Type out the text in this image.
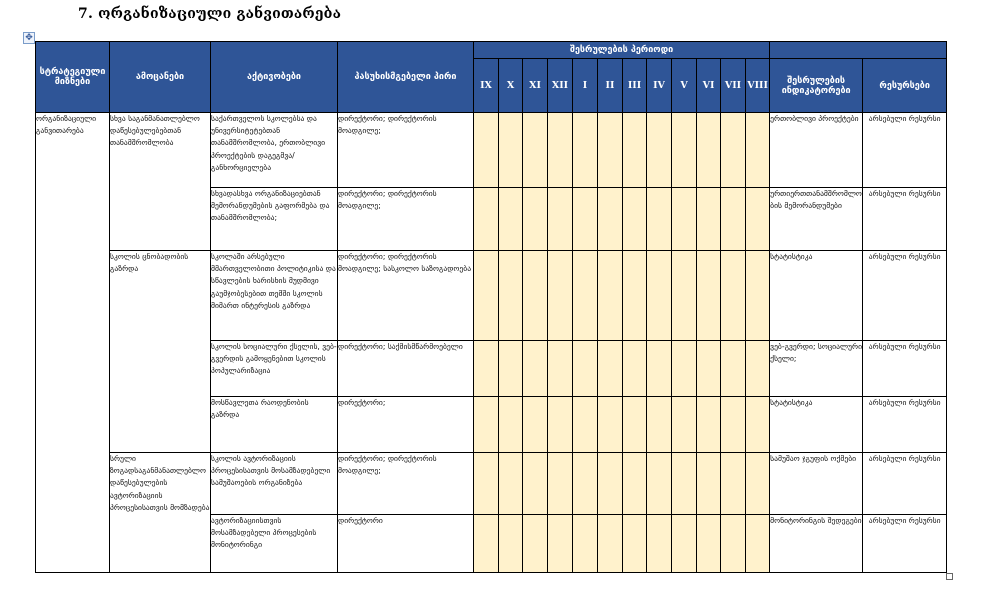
7. ორგანიზაციული განვითარება
✥
სტრატეგიული მიზნები	ამოცანები	აქტივობები	პასუხისმგებელი პირი	შესრულების პერიოდი													
				IX	X	XI	XII	I	II	III	IV	V	VI	VII	VIII	შესრულების ინდიკატორები	რესურსები
ორგანიზაციული განვითარება	სხვა საგანმანათლებლო დაწესებულებებთან თანამშრომლობა	საქართველოს სკოლებსა და უნივერსიტეტებთან თანამშრომლობა, ერთობლივი პროექტების დაგეგმვა/ განხორციელება	დირექტორი; დირექტორის მოადგილე;													ერთობლივი პროექტები	არსებული რესურსი
		სხვადასხვა ორგანიზაციებთან მემორანდუმების გაფორმება და თანამშრომლობა;	დირექტორი; დირექტორის მოადგილე;													ურთიერთთანამშრომლობის მემორანდუმები	არსებული რესურსი
	სკოლის ცნობადობის გაზრდა	სკოლაში არსებული მმართველობითი პოლიტიკისა და სწავლების ხარისხის მუდმივი გაუმჯობესებით თემში სკოლის მიმართ ინტერესის გაზრდა	დირექტორი; დირექტორის მოადგილე; სასკოლო საზოგადოება													სტატისტიკა	არსებული რესურსი
		სკოლის სოციალური ქსელის, ვებ-გვერდის გამოყენებით სკოლის პოპულარიზაცია	დირექტორი; საქმისმწარმოებელი													ვებ-გვერდი; სოციალური ქსელი;	არსებული რესურსი
		მოსწავლეთა რაოდენობის გაზრდა	დირექტორი;													სტატისტიკა	არსებული რესურსი
	სრული ზოგადსაგანმანათლებლო დაწესებულების ავტორიზაციის პროცესისათვის მომზადება	სკოლის ავტორიზაციის პროცესისათვის მოსამზადებელი სამუშაოების ორგანიზება	დირექტორი; დირექტორის მოადგილე;													სამუშაო ჯგუფის ოქმები	არსებული რესურსი
		ავტორიზაციისთვის მოსამზადებელი პროცესების მონიტორინგი	დირექტორი													მონიტორინგის შედეგები	არსებული რესურსი
